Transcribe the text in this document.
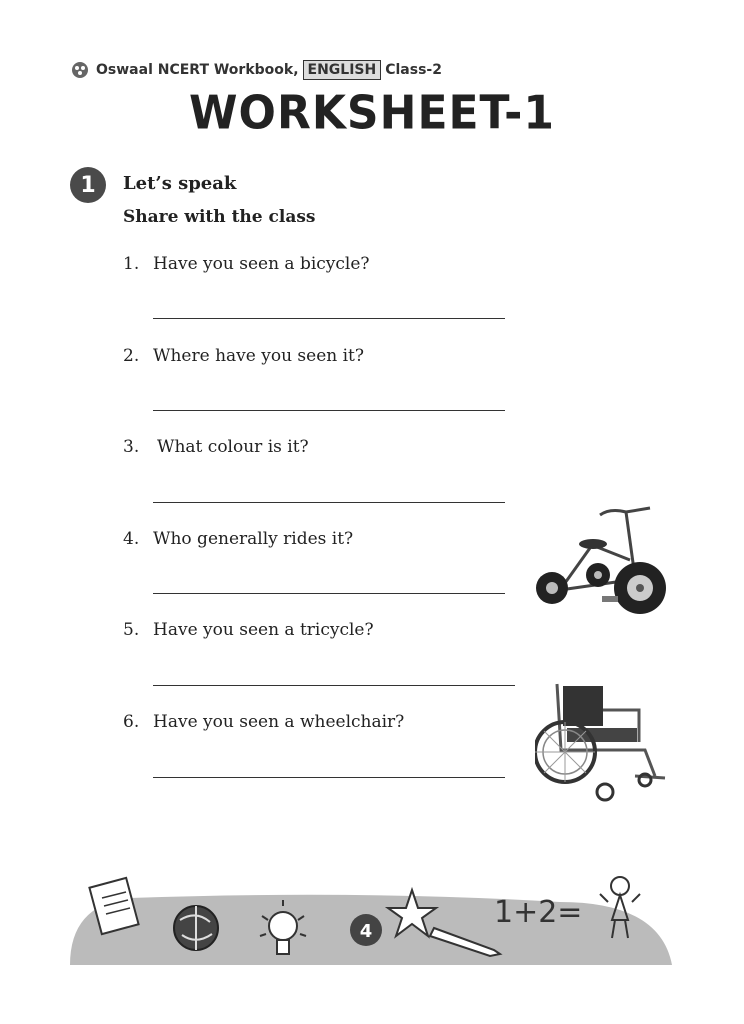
Oswaal NCERT Workbook, ENGLISH Class-2
WORKSHEET-1
1	Let’s speak
Share with the class
1. Have you seen a bicycle?
2. Where have you seen it?
3. What colour is it?
4. Who generally rides it?
5. Have you seen a tricycle?
6. Have you seen a wheelchair?
4
1+2=
